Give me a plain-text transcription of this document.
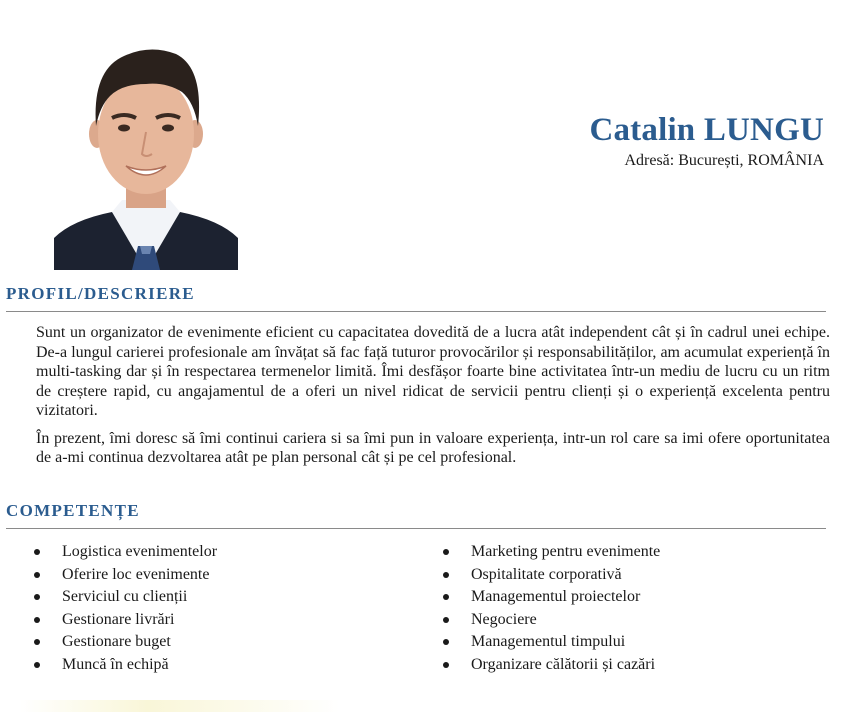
Catalin LUNGU
Adresă: București, ROMÂNIA
PROFIL/DESCRIERE

Sunt un organizator de evenimente eficient cu capacitatea dovedită de a lucra atât independent cât și în cadrul unei echipe. De-a lungul carierei profesionale am învățat să fac față tuturor provocărilor și responsabilităților, am acumulat experiență în multi-tasking dar și în respectarea termenelor limită. Îmi desfășor foarte bine activitatea într-un mediu de lucru cu un ritm de creștere rapid, cu angajamentul de a oferi un nivel ridicat de servicii pentru clienți și o experiență excelenta pentru vizitatori.

În prezent, îmi doresc să îmi continui cariera si sa îmi pun in valoare experiența, intr-un rol care sa imi ofere oportunitatea de a-mi continua dezvoltarea atât pe plan personal cât și pe cel profesional.

COMPETENȚE
Logistica evenimentelor
Oferire loc evenimente
Serviciul cu clienții
Gestionare livrări
Gestionare buget
Muncă în echipă
Marketing pentru evenimente
Ospitalitate corporativă
Managementul proiectelor
Negociere
Managementul timpului
Organizare călătorii și cazări
